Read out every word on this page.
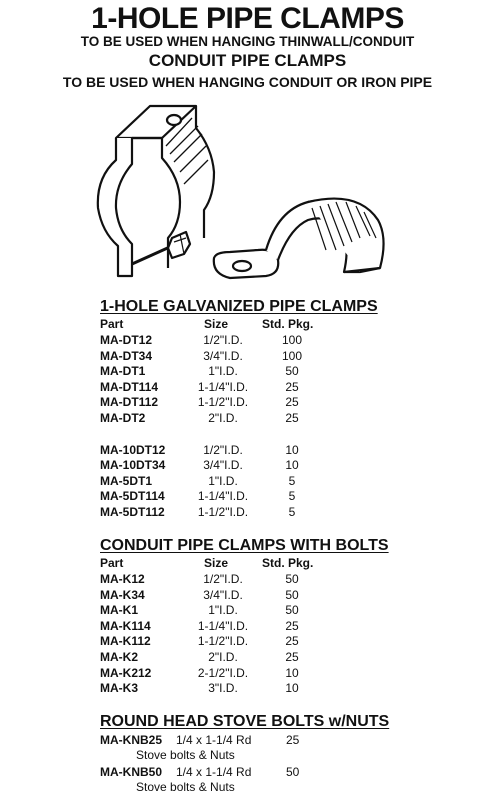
1-HOLE PIPE CLAMPS
TO BE USED WHEN HANGING THINWALL/CONDUIT
CONDUIT PIPE CLAMPS
TO BE USED WHEN HANGING CONDUIT OR IRON PIPE
1-HOLE GALVANIZED PIPE CLAMPS
Part	Size	Std. Pkg.
MA-DT12	1/2"I.D.	100
MA-DT34	3/4"I.D.	100
MA-DT1	1"I.D.	50
MA-DT114	1-1/4"I.D.	25
MA-DT112	1-1/2"I.D.	25
MA-DT2	2"I.D.	25
MA-10DT12	1/2"I.D.	10
MA-10DT34	3/4"I.D.	10
MA-5DT1	1"I.D.	5
MA-5DT114	1-1/4"I.D.	5
MA-5DT112	1-1/2"I.D.	5
CONDUIT PIPE CLAMPS WITH BOLTS
Part	Size	Std. Pkg.
MA-K12	1/2"I.D.	50
MA-K34	3/4"I.D.	50
MA-K1	1"I.D.	50
MA-K114	1-1/4"I.D.	25
MA-K112	1-1/2"I.D.	25
MA-K2	2"I.D.	25
MA-K212	2-1/2"I.D.	10
MA-K3	3"I.D.	10
ROUND HEAD STOVE BOLTS w/NUTS
MA-KNB25 1/4 x 1-1/4 Rd	25
Stove bolts & Nuts
MA-KNB50 1/4 x 1-1/4 Rd	50
Stove bolts & Nuts
